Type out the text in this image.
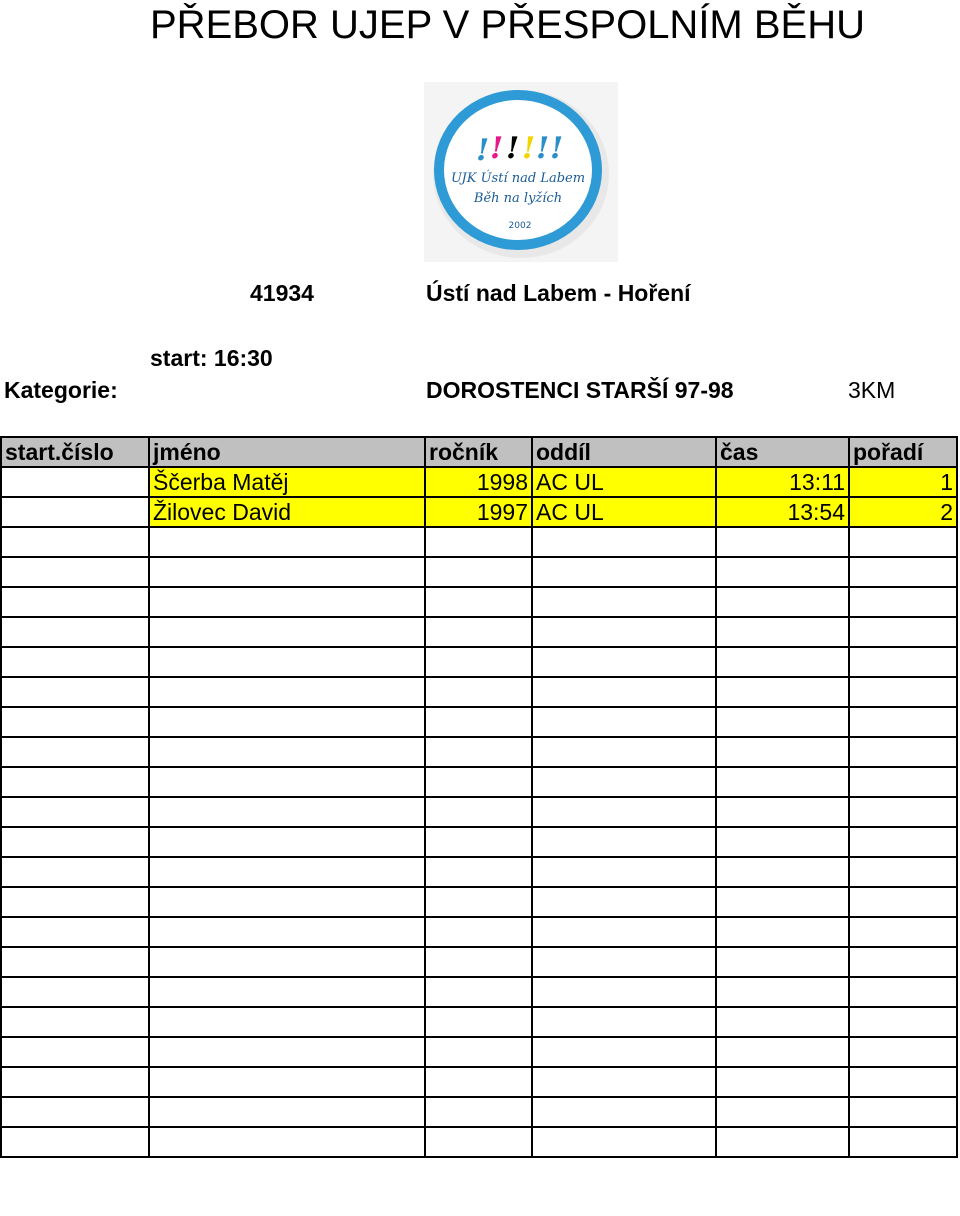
PŘEBOR UJEP V PŘESPOLNÍM BĚHU
! ! ! ! ! !
UJK Ústí nad Labem
Běh na lyžích
2002
41934	Ústí nad Labem - Hoření
start: 16:30
Kategorie:	DOROSTENCI STARŠÍ 97-98	3KM
start.číslo	jméno	ročník	oddíl	čas	pořadí
	Ščerba Matěj	1998	AC UL	13:11	1
	Žilovec David	1997	AC UL	13:54	2
